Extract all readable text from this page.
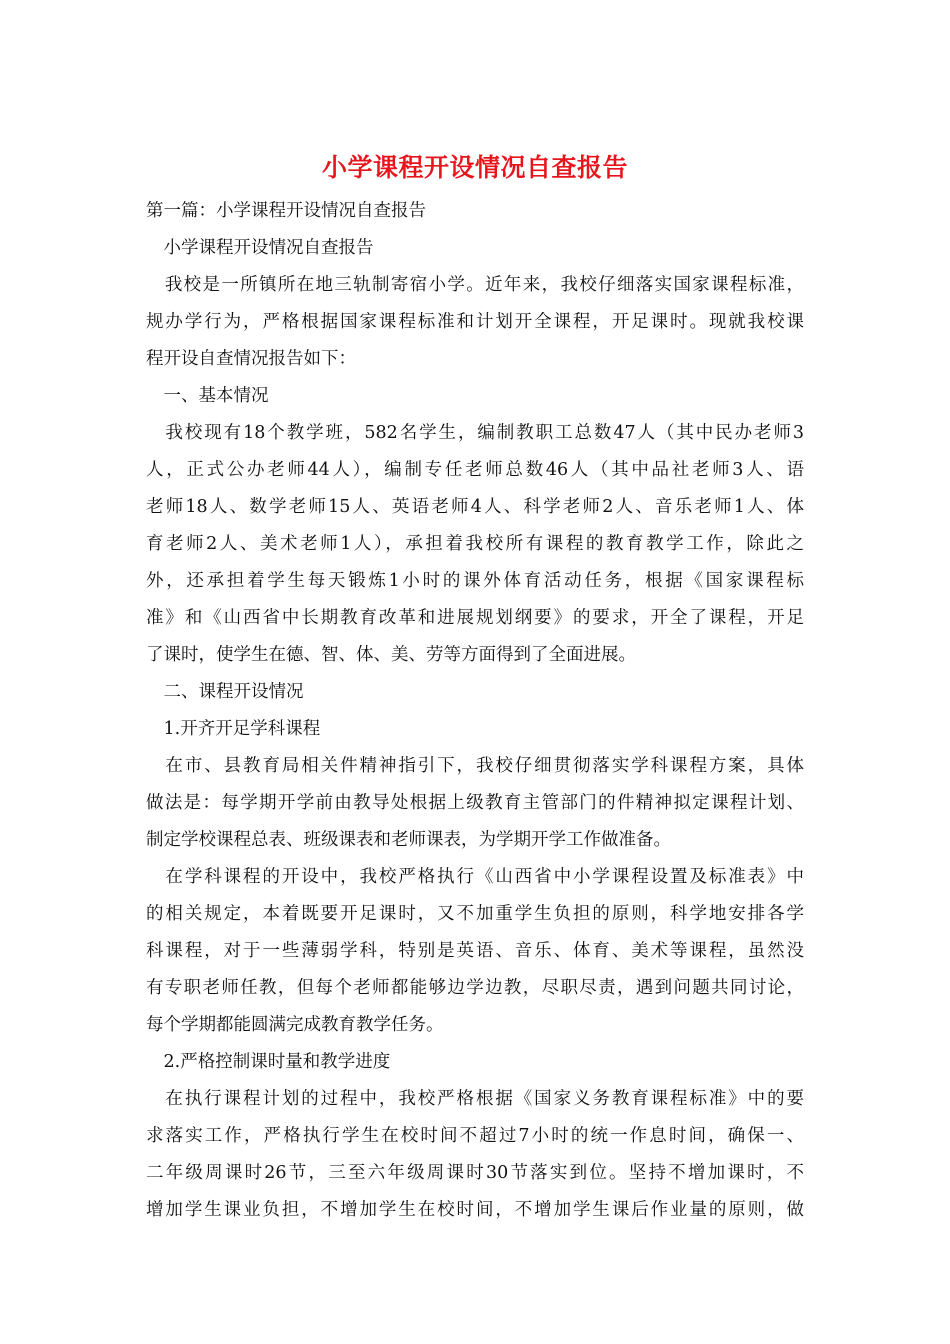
小学课程开设情况自查报告
第一篇：小学课程开设情况自查报告
　小学课程开设情况自查报告
　我校是一所镇所在地三轨制寄宿小学。近年来，我校仔细落实国家课程标准，
规办学行为，严格根据国家课程标准和计划开全课程，开足课时。现就我校课
程开设自查情况报告如下：
　一、基本情况
　我校现有18个教学班，582名学生，编制教职工总数47人（其中民办老师3
人，正式公办老师44人），编制专任老师总数46人（其中品社老师3人、语
老师18人、数学老师15人、英语老师4人、科学老师2人、音乐老师1人、体
育老师2人、美术老师1人），承担着我校所有课程的教育教学工作，除此之
外，还承担着学生每天锻炼1小时的课外体育活动任务，根据《国家课程标
准》和《山西省中长期教育改革和进展规划纲要》的要求，开全了课程，开足
了课时，使学生在德、智、体、美、劳等方面得到了全面进展。
　二、课程开设情况
　1.开齐开足学科课程
　在市、县教育局相关件精神指引下，我校仔细贯彻落实学科课程方案，具体
做法是：每学期开学前由教导处根据上级教育主管部门的件精神拟定课程计划、
制定学校课程总表、班级课表和老师课表，为学期开学工作做准备。
　在学科课程的开设中，我校严格执行《山西省中小学课程设置及标准表》中
的相关规定，本着既要开足课时，又不加重学生负担的原则，科学地安排各学
科课程，对于一些薄弱学科，特别是英语、音乐、体育、美术等课程，虽然没
有专职老师任教，但每个老师都能够边学边教，尽职尽责，遇到问题共同讨论，
每个学期都能圆满完成教育教学任务。
　2.严格控制课时量和教学进度
　在执行课程计划的过程中，我校严格根据《国家义务教育课程标准》中的要
求落实工作，严格执行学生在校时间不超过7小时的统一作息时间，确保一、
二年级周课时26节，三至六年级周课时30节落实到位。坚持不增加课时，不
增加学生课业负担，不增加学生在校时间，不增加学生课后作业量的原则，做
